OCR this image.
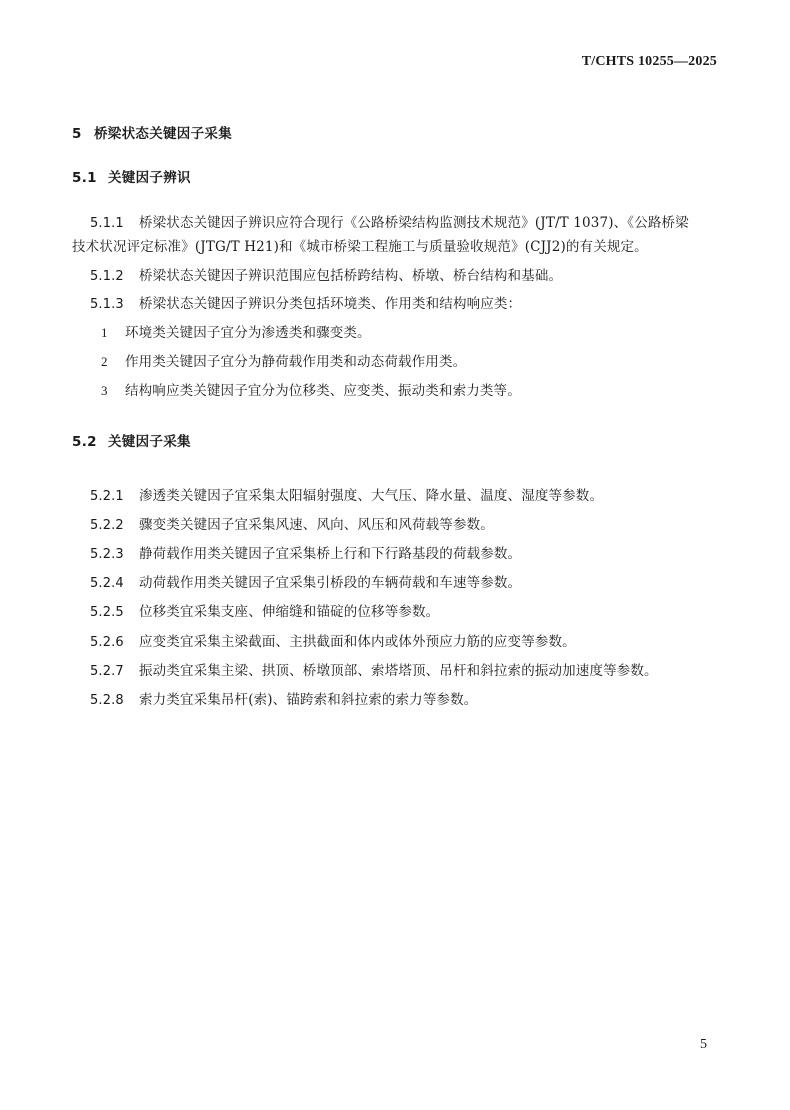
T/CHTS 10255—2025
5 桥梁状态关键因子采集
5.1 关键因子辨识
5.1.1 桥梁状态关键因子辨识应符合现行《公路桥梁结构监测技术规范》(JT/T 1037)、《公路桥梁
技术状况评定标准》(JTG/T H21)和《城市桥梁工程施工与质量验收规范》(CJJ2)的有关规定。
5.1.2 桥梁状态关键因子辨识范围应包括桥跨结构、桥墩、桥台结构和基础。
5.1.3 桥梁状态关键因子辨识分类包括环境类、作用类和结构响应类：
1 环境类关键因子宜分为渗透类和骤变类。
2 作用类关键因子宜分为静荷载作用类和动态荷载作用类。
3 结构响应类关键因子宜分为位移类、应变类、振动类和索力类等。
5.2 关键因子采集
5.2.1 渗透类关键因子宜采集太阳辐射强度、大气压、降水量、温度、湿度等参数。
5.2.2 骤变类关键因子宜采集风速、风向、风压和风荷载等参数。
5.2.3 静荷载作用类关键因子宜采集桥上行和下行路基段的荷载参数。
5.2.4 动荷载作用类关键因子宜采集引桥段的车辆荷载和车速等参数。
5.2.5 位移类宜采集支座、伸缩缝和锚碇的位移等参数。
5.2.6 应变类宜采集主梁截面、主拱截面和体内或体外预应力筋的应变等参数。
5.2.7 振动类宜采集主梁、拱顶、桥墩顶部、索塔塔顶、吊杆和斜拉索的振动加速度等参数。
5.2.8 索力类宜采集吊杆(索)、锚跨索和斜拉索的索力等参数。
5
